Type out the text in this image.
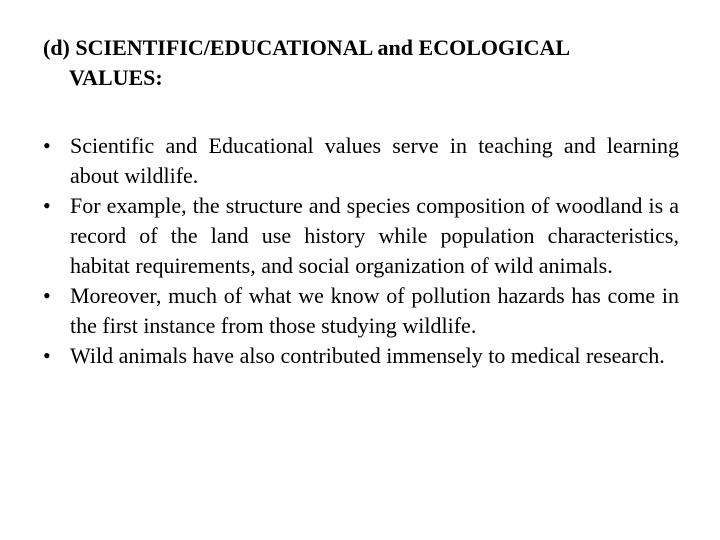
(d) SCIENTIFIC/EDUCATIONAL and ECOLOGICAL
VALUES:
• Scientific and Educational values serve in teaching and learning about wildlife.
• For example, the structure and species composition of woodland is a record of the land use history while population characteristics, habitat requirements, and social organization of wild animals.
• Moreover, much of what we know of pollution hazards has come in the first instance from those studying wildlife.
• Wild animals have also contributed immensely to medical research.
